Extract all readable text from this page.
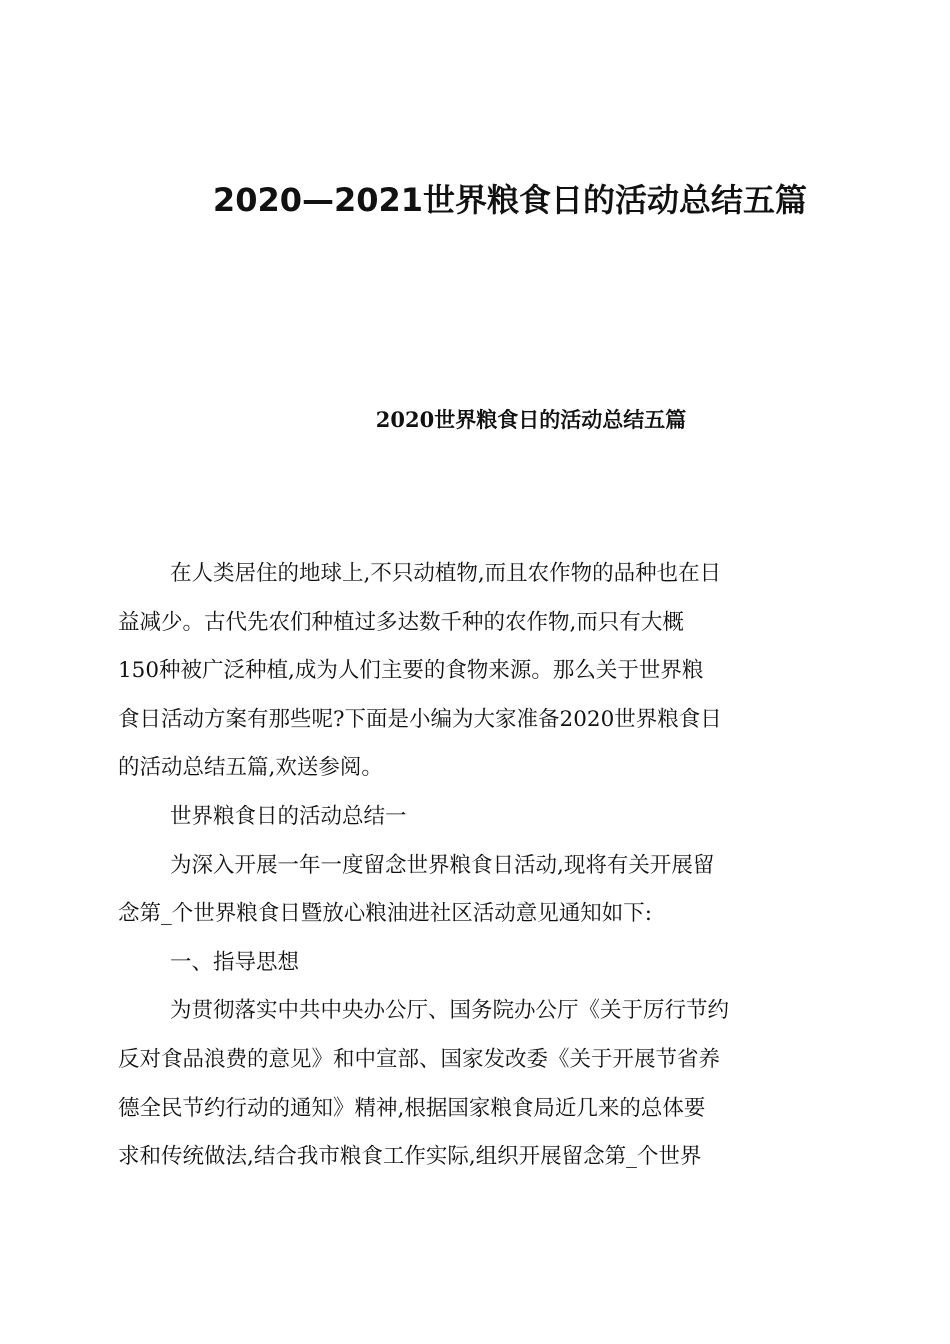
2020—2021世界粮食日的活动总结五篇
2020世界粮食日的活动总结五篇
在人类居住的地球上,不只动植物,而且农作物的品种也在日
益减少。古代先农们种植过多达数千种的农作物,而只有大概
150种被广泛种植,成为人们主要的食物来源。那么关于世界粮
食日活动方案有那些呢?下面是小编为大家准备2020世界粮食日
的活动总结五篇,欢送参阅。
世界粮食日的活动总结一
为深入开展一年一度留念世界粮食日活动,现将有关开展留
念第_个世界粮食日暨放心粮油进社区活动意见通知如下:
一、指导思想
为贯彻落实中共中央办公厅、国务院办公厅《关于厉行节约
反对食品浪费的意见》和中宣部、国家发改委《关于开展节省养
德全民节约行动的通知》精神,根据国家粮食局近几来的总体要
求和传统做法,结合我市粮食工作实际,组织开展留念第_个世界
